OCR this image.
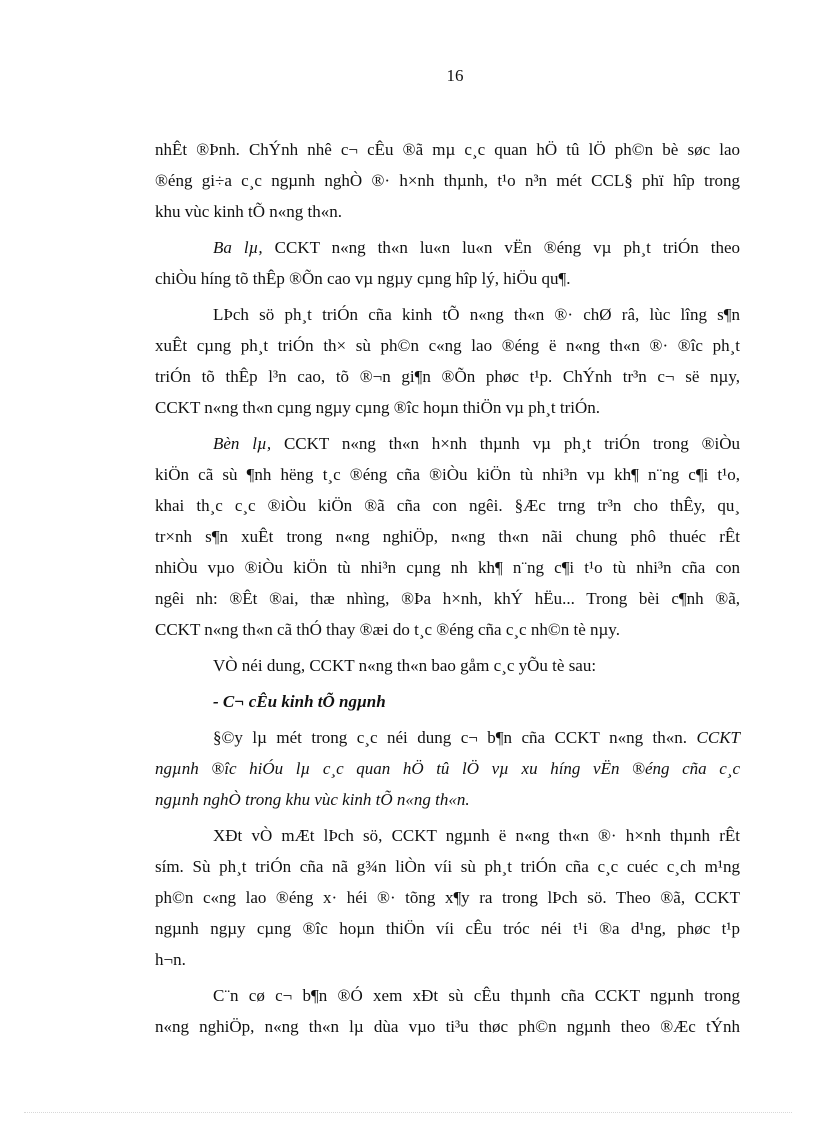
16
nhÊt ®Þnh. ChÝnh nhê c¬ cÊu ®ã mµ c¸c quan hÖ tû lÖ ph©n bè søc lao
®éng gi÷a c¸c ngµnh nghÒ ®· h×nh thµnh, t¹o n³n mét CCL§ phï hîp trong
khu vùc kinh tÕ n«ng th«n.
Ba lµ, CCKT n«ng th«n lu«n lu«n vËn ®éng vµ ph¸t triÓn theo
chiÒu híng tõ thÊp ®Õn cao vµ ngµy cµng hîp lý, hiÖu qu¶.
LÞch sö ph¸t triÓn cña kinh tÕ n«ng th«n ®· chØ râ, lùc lîng s¶n
xuÊt cµng ph¸t triÓn th× sù ph©n c«ng lao ®éng ë n«ng th«n ®· ®îc ph¸t
triÓn tõ thÊp l³n cao, tõ ®¬n gi¶n ®Õn phøc t¹p. ChÝnh tr³n c¬ së nµy,
CCKT n«ng th«n cµng ngµy cµng ®îc hoµn thiÖn vµ ph¸t triÓn.
Bèn lµ, CCKT n«ng th«n h×nh thµnh vµ ph¸t triÓn trong ®iÒu
kiÖn cã sù ¶nh hëng t¸c ®éng cña ®iÒu kiÖn tù nhi³n vµ kh¶ n¨ng c¶i t¹o,
khai th¸c c¸c ®iÒu kiÖn ®ã cña con ngêi. §Æc trng tr³n cho thÊy, qu¸
tr×nh s¶n xuÊt trong n«ng nghiÖp, n«ng th«n nãi chung phô thuéc rÊt
nhiÒu vµo ®iÒu kiÖn tù nhi³n cµng nh kh¶ n¨ng c¶i t¹o tù nhi³n cña con
ngêi nh: ®Êt ®ai, thæ nhìng, ®Þa h×nh, khÝ hËu... Trong bèi c¶nh ®ã,
CCKT n«ng th«n cã thÓ thay ®æi do t¸c ®éng cña c¸c nh©n tè nµy.
VÒ néi dung, CCKT n«ng th«n bao gåm c¸c yÕu tè sau:
- C¬ cÊu kinh tÕ ngµnh
§©y lµ mét trong c¸c néi dung c¬ b¶n cña CCKT n«ng th«n. CCKT
ngµnh ®îc hiÓu lµ c¸c quan hÖ tû lÖ vµ xu híng vËn ®éng cña c¸c
ngµnh nghÒ trong khu vùc kinh tÕ n«ng th«n.
XÐt vÒ mÆt lÞch sö, CCKT ngµnh ë n«ng th«n ®· h×nh thµnh rÊt
sím. Sù ph¸t triÓn cña nã g¾n liÒn víi sù ph¸t triÓn cña c¸c cuéc c¸ch m¹ng
ph©n c«ng lao ®éng x· héi ®· tõng x¶y ra trong lÞch sö. Theo ®ã, CCKT
ngµnh ngµy cµng ®îc hoµn thiÖn víi cÊu tróc néi t¹i ®a d¹ng, phøc t¹p
h¬n.
C¨n cø c¬ b¶n ®Ó xem xÐt sù cÊu thµnh cña CCKT ngµnh trong
n«ng nghiÖp, n«ng th«n lµ dùa vµo ti³u thøc ph©n ngµnh theo ®Æc tÝnh
